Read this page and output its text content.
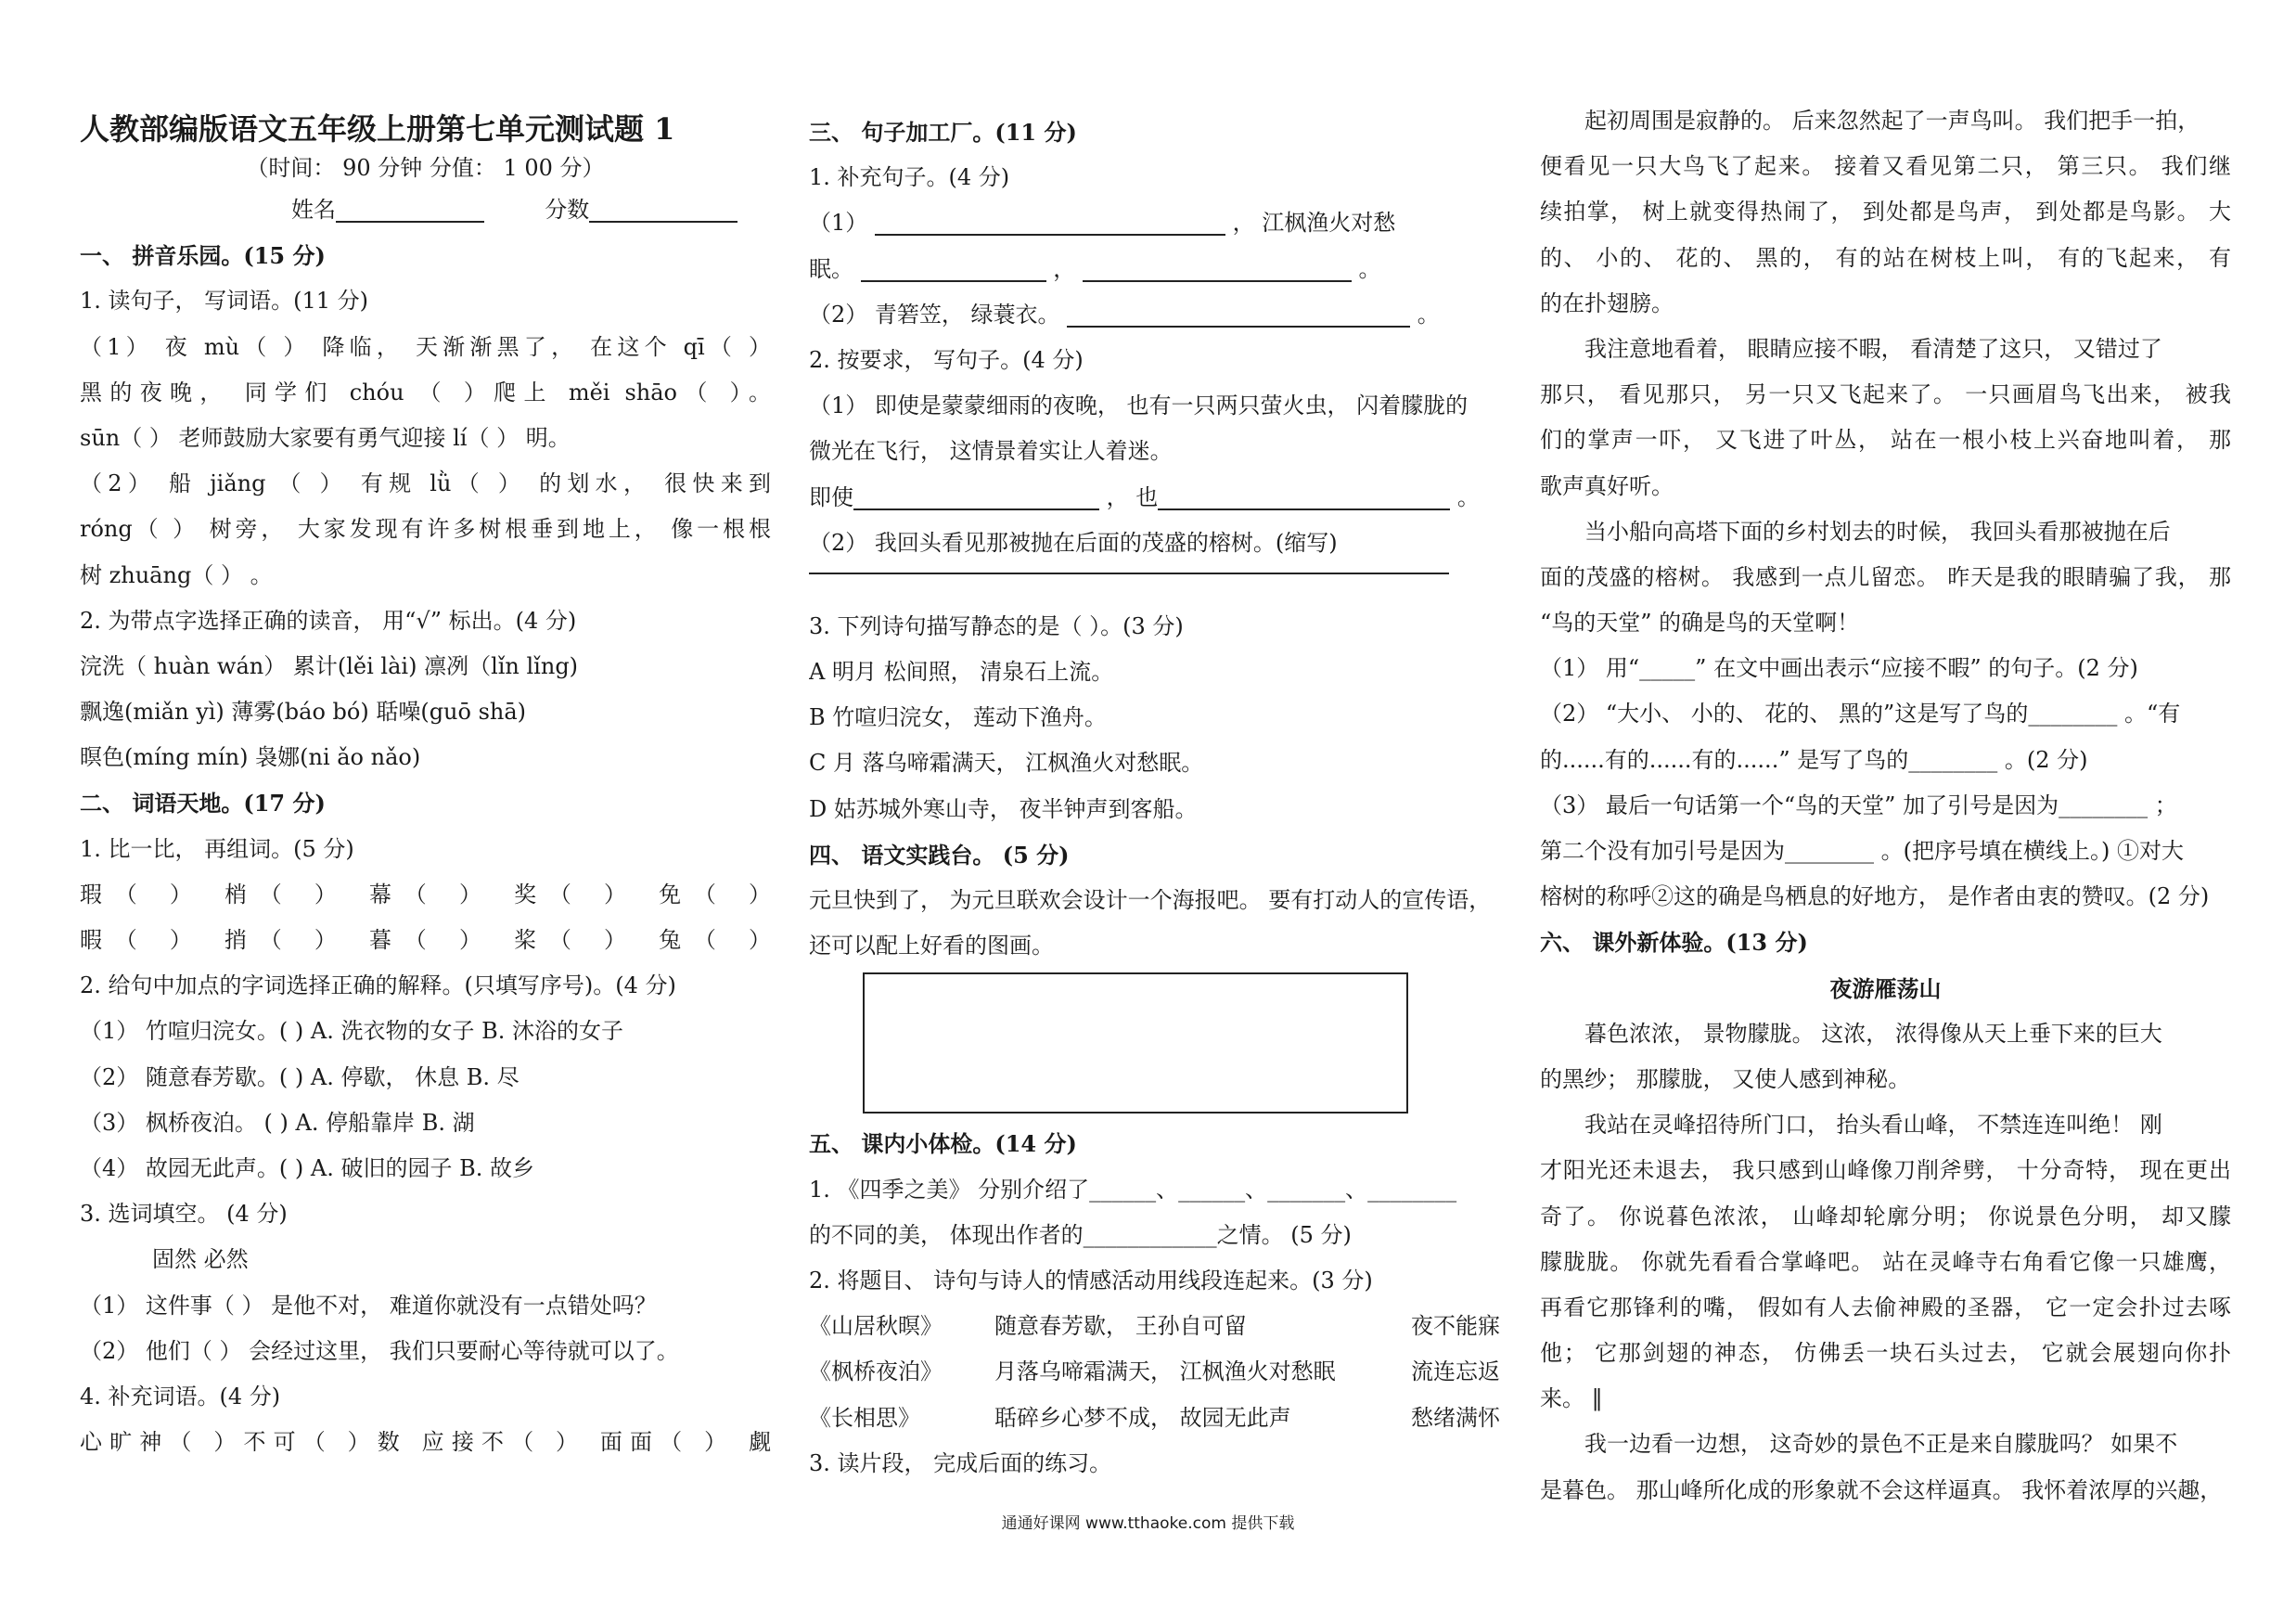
人教部编版语文五年级上册第七单元测试题 1
（时间： 90 分钟 分值： 1 00 分）
姓名	分数
一、 拼音乐园。(15 分)
1. 读句子， 写词语。(11 分)
（1） 夜 mù（ ） 降临， 天渐渐黑了， 在这个 qī（ ）
黑的夜晚， 同学们 chóu （ ）爬上 měi shāo（ ）。
sūn（ ） 老师鼓励大家要有勇气迎接 lí（ ） 明。
（2） 船 jiǎng （ ） 有规 lǜ（ ） 的划水， 很快来到
róng（ ） 树旁， 大家发现有许多树根垂到地上， 像一根根
树 zhuāng（ ） 。
2. 为带点字选择正确的读音， 用“√” 标出。(4 分)
浣洗（ huàn wán） 累计(lěi lài) 凛冽（lǐn lǐng)
飘逸(miǎn yì) 薄雾(báo bó) 聒噪(guō shā)
暝色(míng mín) 袅娜(ni ǎo nǎo)
二、 词语天地。(17 分)
1. 比一比， 再组词。(5 分)
瑕（ ） 梢（ ） 幕（ ） 奖（ ） 免（ ）
暇（ ） 捎（ ） 暮（ ） 桨（ ） 兔（ ）
2. 给句中加点的字词选择正确的解释。(只填写序号)。(4 分)
（1） 竹喧归浣女。( ) A. 洗衣物的女子 B. 沐浴的女子
（2） 随意春芳歇。( ) A. 停歇， 休息 B. 尽
（3） 枫桥夜泊。 ( ) A. 停船靠岸 B. 湖
（4） 故园无此声。( ) A. 破旧的园子 B. 故乡
3. 选词填空。 (4 分)
固然 必然
（1） 这件事（ ） 是他不对， 难道你就没有一点错处吗？
（2） 他们（ ） 会经过这里， 我们只要耐心等待就可以了。
4. 补充词语。(4 分)
心旷神（ ）不可（ ）数 应接不（ ） 面面（ ） 觑
三、 句子加工厂。(11 分)
1. 补充句子。(4 分)
（1）	， 江枫渔火对愁
眠。	，	。
（2） 青箬笠， 绿蓑衣。	。
2. 按要求， 写句子。(4 分)
（1） 即使是蒙蒙细雨的夜晚， 也有一只两只萤火虫， 闪着朦胧的
微光在飞行， 这情景着实让人着迷。
即使	， 也	。
（2） 我回头看见那被抛在后面的茂盛的榕树。(缩写)
3. 下列诗句描写静态的是（ ）。(3 分)
A 明月 松间照， 清泉石上流。
B 竹喧归浣女， 莲动下渔舟。
C 月 落乌啼霜满天， 江枫渔火对愁眠。
D 姑苏城外寒山寺， 夜半钟声到客船。
四、 语文实践台。 (5 分)
元旦快到了， 为元旦联欢会设计一个海报吧。 要有打动人的宣传语，
还可以配上好看的图画。
五、 课内小体检。(14 分)
1. 《四季之美》 分别介绍了______、______、_______、________
的不同的美， 体现出作者的____________之情。 (5 分)
2. 将题目、 诗句与诗人的情感活动用线段连起来。(3 分)
《山居秋暝》	随意春芳歇， 王孙自可留	夜不能寐
《枫桥夜泊》	月落乌啼霜满天， 江枫渔火对愁眠	流连忘返
《长相思》	聒碎乡心梦不成， 故园无此声	愁绪满怀
3. 读片段， 完成后面的练习。
起初周围是寂静的。 后来忽然起了一声鸟叫。 我们把手一拍，
便看见一只大鸟飞了起来。 接着又看见第二只， 第三只。 我们继
续拍掌， 树上就变得热闹了， 到处都是鸟声， 到处都是鸟影。 大
的、 小的、 花的、 黑的， 有的站在树枝上叫， 有的飞起来， 有
的在扑翅膀。
我注意地看着， 眼睛应接不暇， 看清楚了这只， 又错过了
那只， 看见那只， 另一只又飞起来了。 一只画眉鸟飞出来， 被我
们的掌声一吓， 又飞进了叶丛， 站在一根小枝上兴奋地叫着， 那
歌声真好听。
当小船向高塔下面的乡村划去的时候， 我回头看那被抛在后
面的茂盛的榕树。 我感到一点儿留恋。 昨天是我的眼睛骗了我， 那
“鸟的天堂” 的确是鸟的天堂啊！
（1） 用“_____” 在文中画出表示“应接不暇” 的句子。(2 分)
（2） “大小、 小的、 花的、 黑的”这是写了鸟的________ 。“有
的......有的......有的......” 是写了鸟的________ 。(2 分)
（3） 最后一句话第一个“鸟的天堂” 加了引号是因为________ ；
第二个没有加引号是因为________ 。(把序号填在横线上。) ①对大
榕树的称呼②这的确是鸟栖息的好地方， 是作者由衷的赞叹。(2 分)
六、 课外新体验。(13 分)
夜游雁荡山
暮色浓浓， 景物朦胧。 这浓， 浓得像从天上垂下来的巨大
的黑纱； 那朦胧， 又使人感到神秘。
我站在灵峰招待所门口， 抬头看山峰， 不禁连连叫绝！ 刚
才阳光还未退去， 我只感到山峰像刀削斧劈， 十分奇特， 现在更出
奇了。 你说暮色浓浓， 山峰却轮廓分明； 你说景色分明， 却又朦
朦胧胧。 你就先看看合掌峰吧。 站在灵峰寺右角看它像一只雄鹰，
再看它那锋利的嘴， 假如有人去偷神殿的圣器， 它一定会扑过去啄
他； 它那剑翅的神态， 仿佛丢一块石头过去， 它就会展翅向你扑
来。 ‖
我一边看一边想， 这奇妙的景色不正是来自朦胧吗？ 如果不
是暮色。 那山峰所化成的形象就不会这样逼真。 我怀着浓厚的兴趣，
通通好课网 www.tthaoke.com 提供下载
